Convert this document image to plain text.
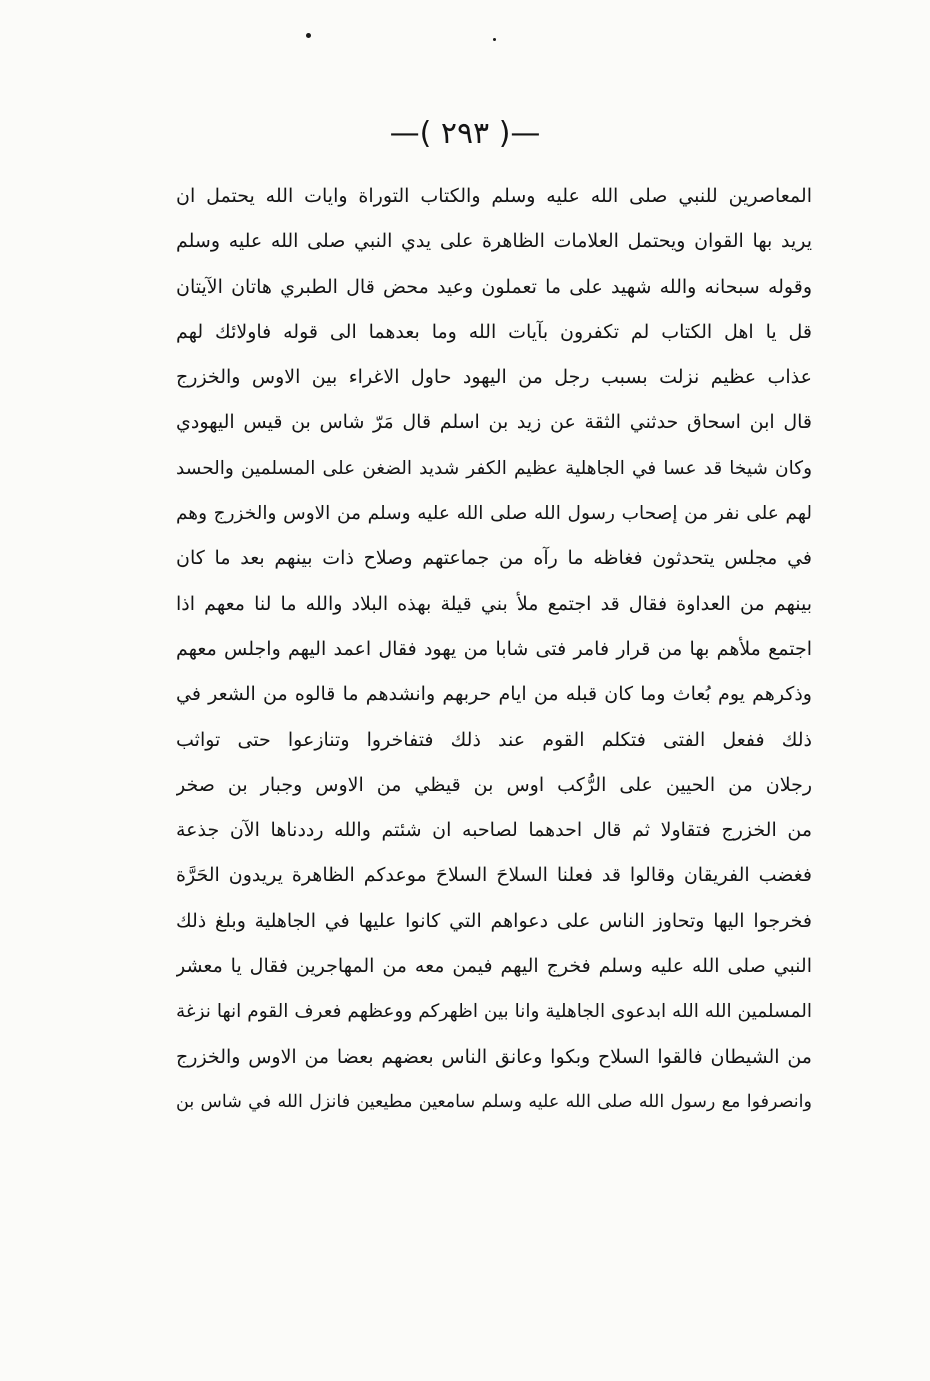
—( ٢٩٣ )—
المعاصرين للنبي صلى الله عليه وسلم والكتاب التوراة وايات الله يحتمل ان
يريد بها القوان ويحتمل العلامات الظاهرة على يدي النبي صلى الله عليه وسلم
وقوله سبحانه والله شهيد على ما تعملون وعيد محض قال الطبري هاتان الآيتان
قل يا اهل الكتاب لم تكفرون بآيات الله وما بعدهما الى قوله فاولائك لهم
عذاب عظيم نزلت بسبب رجل من اليهود حاول الاغراء بين الاوس والخزرج
قال ابن اسحاق حدثني الثقة عن زيد بن اسلم قال مَرّ شاس بن قيس اليهودي
وكان شيخا قد عسا في الجاهلية عظيم الكفر شديد الضغن على المسلمين والحسد
لهم على نفر من إصحاب رسول الله صلى الله عليه وسلم من الاوس والخزرج وهم
في مجلس يتحدثون فغاظه ما رآه من جماعتهم وصلاح ذات بينهم بعد ما كان
بينهم من العداوة فقال قد اجتمع ملأ بني قيلة بهذه البلاد والله ما لنا معهم اذا
اجتمع ملأهم بها من قرار فامر فتى شابا من يهود فقال اعمد اليهم واجلس معهم
وذكرهم يوم بُعاث وما كان قبله من ايام حربهم وانشدهم ما قالوه من الشعر في
ذلك ففعل الفتى فتكلم القوم عند ذلك فتفاخروا وتنازعوا حتى تواثب
رجلان من الحيين على الرُّكب اوس بن قيظي من الاوس وجبار بن صخر
من الخزرج فتقاولا ثم قال احدهما لصاحبه ان شئتم والله رددناها الآن جذعة
فغضب الفريقان وقالوا قد فعلنا السلاحَ السلاحَ موعدكم الظاهرة يريدون الحَرَّة
فخرجوا اليها وتحاوز الناس على دعواهم التي كانوا عليها في الجاهلية وبلغ ذلك
النبي صلى الله عليه وسلم فخرج اليهم فيمن معه من المهاجرين فقال يا معشر
المسلمين الله الله ابدعوى الجاهلية وانا بين اظهركم ووعظهم فعرف القوم انها نزغة
من الشيطان فالقوا السلاح وبكوا وعانق الناس بعضهم بعضا من الاوس والخزرج
وانصرفوا مع رسول الله صلى الله عليه وسلم سامعين مطيعين فانزل الله في شاس بن
